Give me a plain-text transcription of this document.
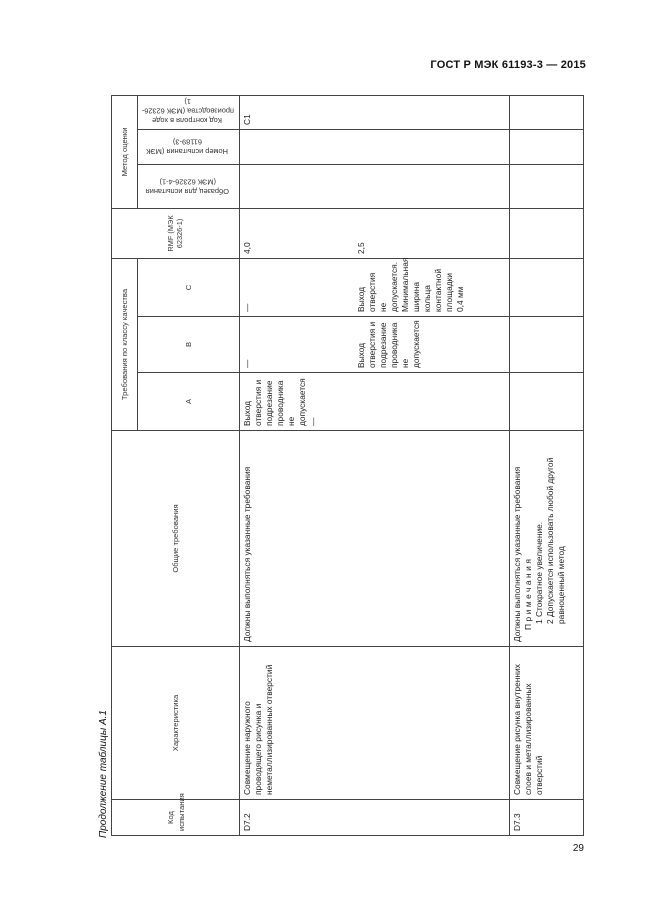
ГОСТ Р МЭК 61193-3 — 2015
Продолжение таблицы А.1
29
Код испытания	Характеристика	Общие требования	Требования по классу качества			RMF (МЭК 62326-1)	Метод оценки		
			A	B	C		Образец для испытания (МЭК 62326-4-1)	Номер испытания (МЭК 61189-3)	Код контроля в ходе производства (МЭК 62326-1)
D7.2	Совмещение наружного проводящего рисунка и неметаллизированных отверстий	Должны выполняться указанные требования	Выход отверстия и подрезание проводника не допускается —	— Выход отверстия и подрезание проводника не допускается	— Выход отверстия не допускается. Минимальная ширина кольца контактной площадки 0,4 мм	4,0 2,5			C1
D7.3	Совмещение рисунка внутренних слоев и металлизированных отверстий	Должны выполняться указанные требования Примечания 1 Стократное увеличение. 2 Допускается использовать любой другой равноценный метод							
